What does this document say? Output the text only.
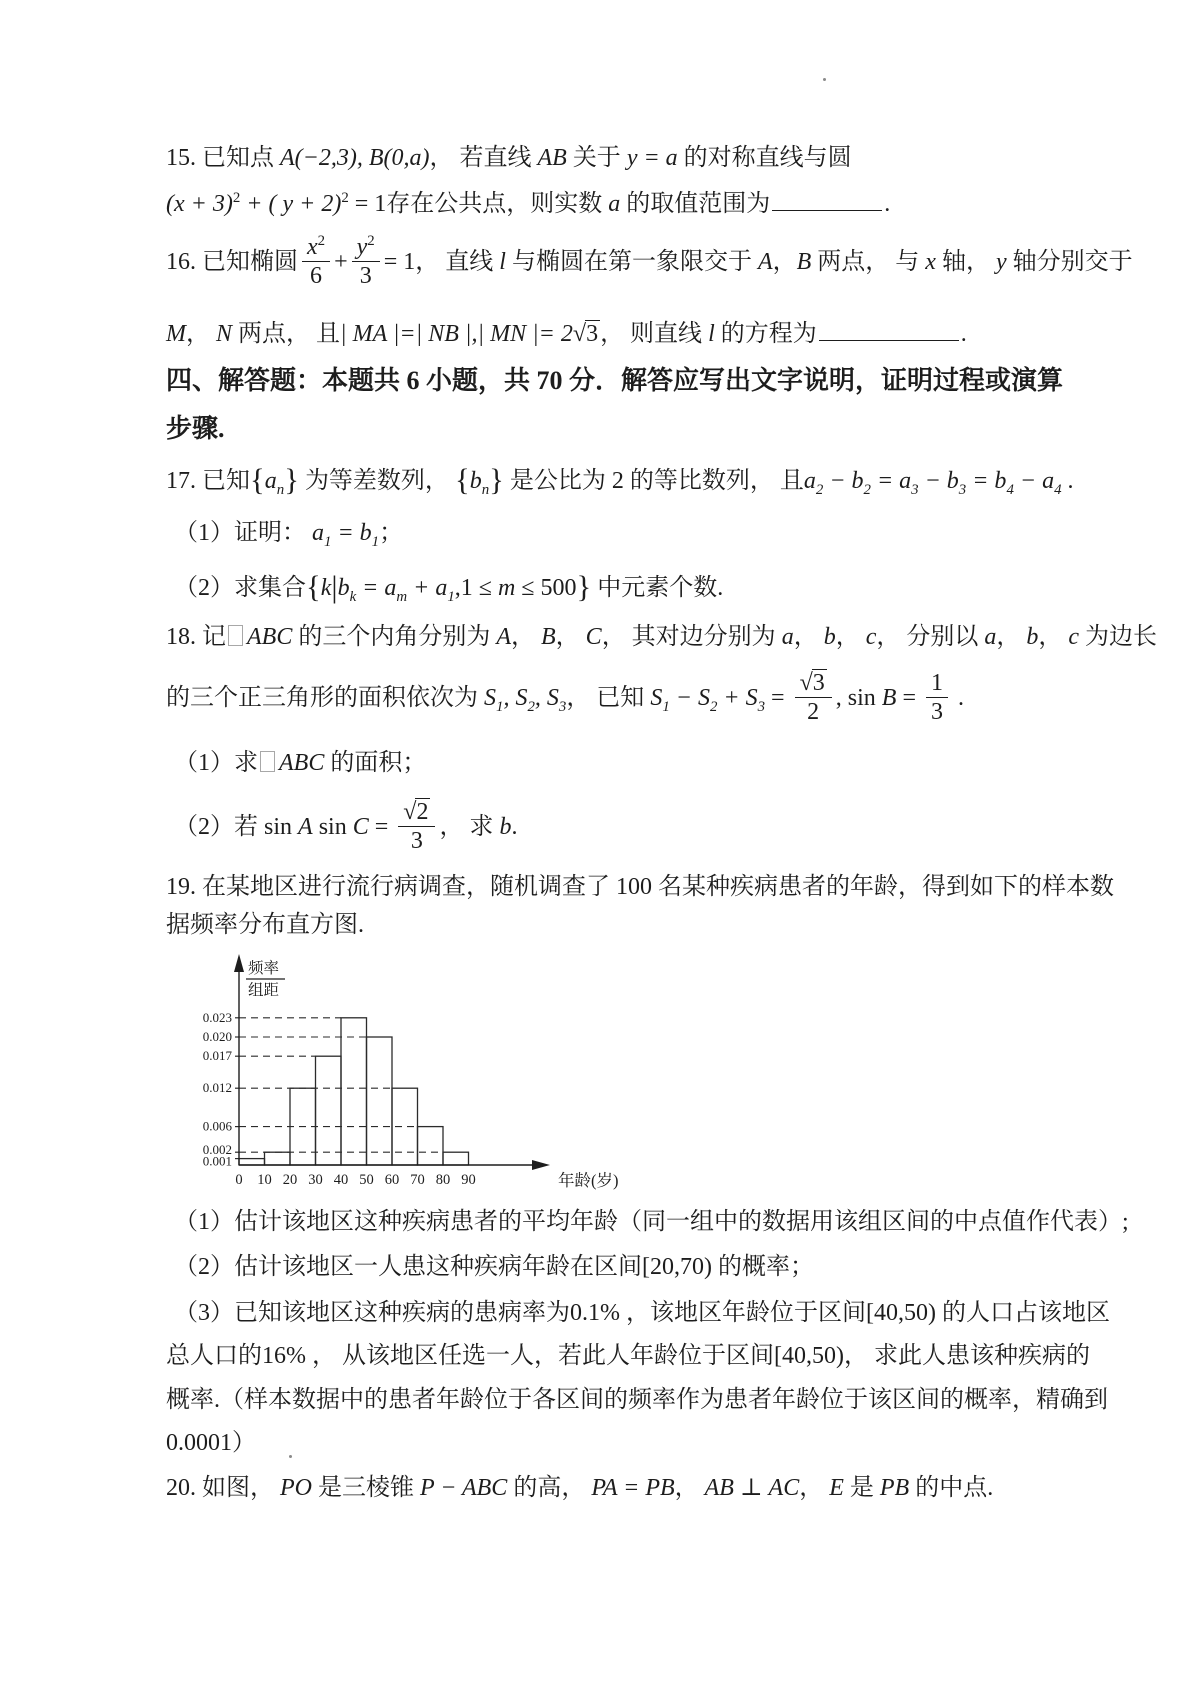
15. 已知点 A(−2,3), B(0,a)， 若直线 AB 关于 y = a 的对称直线与圆
$(x + 3)^2$ + ( y + 2)$^2$ = 1存在公共点，则实数 a 的取值范围为	.
16. 已知椭圆 $\frac{x^2}{6} + \frac{y^2}{3} = 1$， 直线 l 与椭圆在第一象限交于 A，B 两点， 与 x 轴， y 轴分别交于
M， N 两点， 且| MA |=| NB |,| MN |= 2√3， 则直线 l 的方程为	.
四、解答题：本题共 6 小题，共 70 分．解答应写出文字说明，证明过程或演算
步骤.
17. 已知$\{a_n\}$ 为等差数列， $\{b_n\}$ 是公比为 2 的等比数列， 且$a_2 - b_2 = a_3 - b_3 = b_4 - a_4$ .
（1）证明： $a_1 = b_1$；
（2）求集合$\{k|b_k = a_m + a_1,1 \le m \le 500\}$ 中元素个数.
18. 记 ABC 的三个内角分别为 A， B， C， 其对边分别为 a， b， c， 分别以 a， b， c 为边长
的三个正三角形的面积依次为 $S_1$, $S_2$, $S_3$， 已知 $S_1 - S_2 + S_3 = \frac{√3}{2}$ , $\sin B = \frac{1}{3}$ .
（1）求 ABC 的面积；
（2）若 sin A $\sin C = \frac{√2}{3}$ ， 求 b.
19. 在某地区进行流行病调查，随机调查了 100 名某种疾病患者的年龄，得到如下的样本数
据频率分布直方图.
0.001
0.002
0.006
0.012
0.017
0.020
0.023
0 10 20 30 40 50 60 70 80 90	年龄(岁)
频率
组距
（1）估计该地区这种疾病患者的平均年龄（同一组中的数据用该组区间的中点值作代表）;
（2）估计该地区一人患这种疾病年龄在区间[20,70) 的概率；
（3）已知该地区这种疾病的患病率为0.1% ，该地区年龄位于区间[40,50) 的人口占该地区
总人口的16% ， 从该地区任选一人，若此人年龄位于区间[40,50)， 求此人患该种疾病的
概率.（样本数据中的患者年龄位于各区间的频率作为患者年龄位于该区间的概率，精确到
0.0001）
20. 如图， PO 是三棱锥 P − ABC 的高， PA = PB， AB ⊥ AC， E 是 PB 的中点.
